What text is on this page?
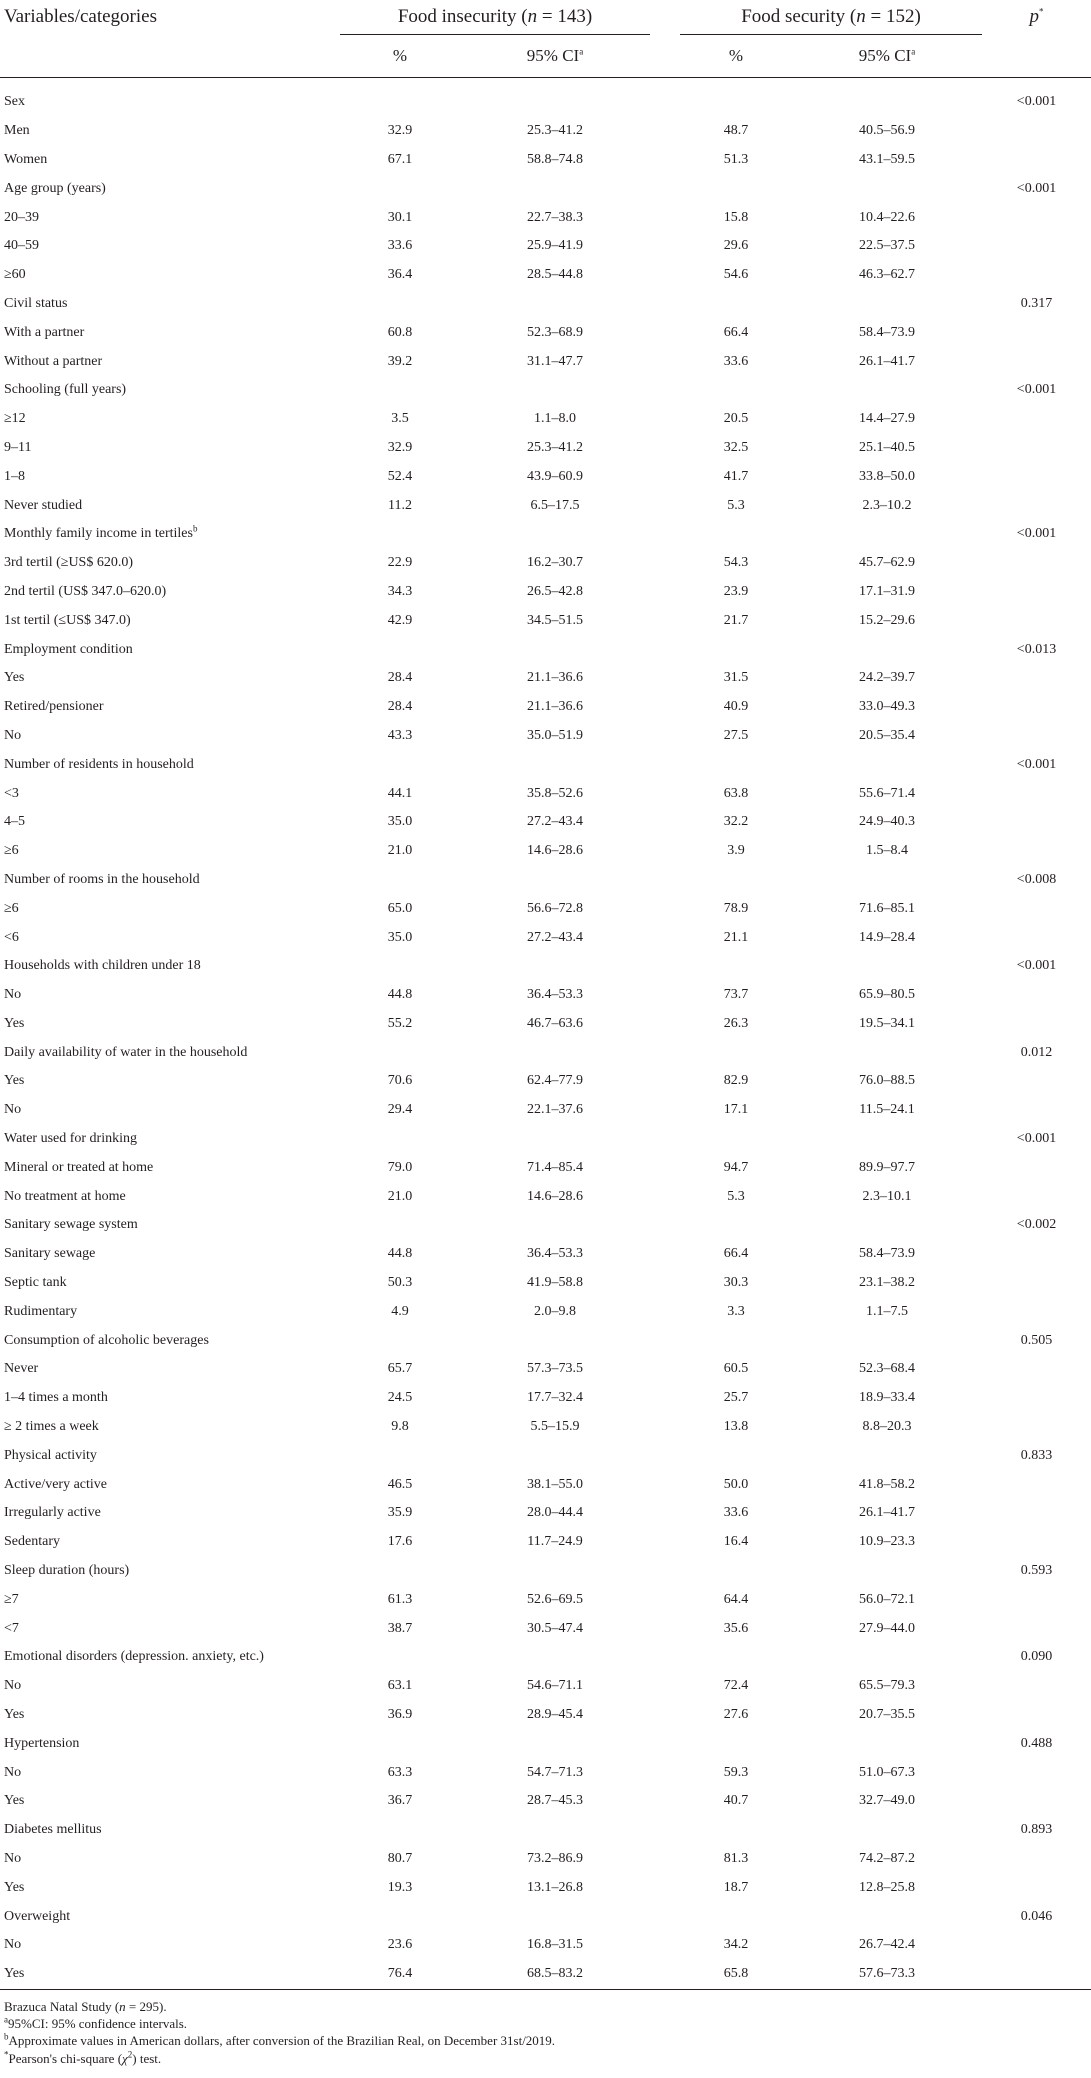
Variables/categories	Food insecurity (n = 143)			Food security (n = 152)		p*
	%	95% $CI^a$		%	95% $CI^a$	

Sex						<0.001
Men	32.9	25.3–41.2		48.7	40.5–56.9	
Women	67.1	58.8–74.8		51.3	43.1–59.5	
Age group (years)						<0.001
20–39	30.1	22.7–38.3		15.8	10.4–22.6	
40–59	33.6	25.9–41.9		29.6	22.5–37.5	
≥60	36.4	28.5–44.8		54.6	46.3–62.7	
Civil status						0.317
With a partner	60.8	52.3–68.9		66.4	58.4–73.9	
Without a partner	39.2	31.1–47.7		33.6	26.1–41.7	
Schooling (full years)						<0.001
≥12	3.5	1.1–8.0		20.5	14.4–27.9	
9–11	32.9	25.3–41.2		32.5	25.1–40.5	
1–8	52.4	43.9–60.9		41.7	33.8–50.0	
Never studied	11.2	6.5–17.5		5.3	2.3–10.2	
Monthly family income in tertiles$^b$						<0.001
3rd tertil (≥US$ 620.0)	22.9	16.2–30.7		54.3	45.7–62.9	
2nd tertil (US$ 347.0–620.0)	34.3	26.5–42.8		23.9	17.1–31.9	
1st tertil (≤US$ 347.0)	42.9	34.5–51.5		21.7	15.2–29.6	
Employment condition						<0.013
Yes	28.4	21.1–36.6		31.5	24.2–39.7	
Retired/pensioner	28.4	21.1–36.6		40.9	33.0–49.3	
No	43.3	35.0–51.9		27.5	20.5–35.4	
Number of residents in household						<0.001
<3	44.1	35.8–52.6		63.8	55.6–71.4	
4–5	35.0	27.2–43.4		32.2	24.9–40.3	
≥6	21.0	14.6–28.6		3.9	1.5–8.4	
Number of rooms in the household						<0.008
≥6	65.0	56.6–72.8		78.9	71.6–85.1	
<6	35.0	27.2–43.4		21.1	14.9–28.4	
Households with children under 18						<0.001
No	44.8	36.4–53.3		73.7	65.9–80.5	
Yes	55.2	46.7–63.6		26.3	19.5–34.1	
Daily availability of water in the household						0.012
Yes	70.6	62.4–77.9		82.9	76.0–88.5	
No	29.4	22.1–37.6		17.1	11.5–24.1	
Water used for drinking						<0.001
Mineral or treated at home	79.0	71.4–85.4		94.7	89.9–97.7	
No treatment at home	21.0	14.6–28.6		5.3	2.3–10.1	
Sanitary sewage system						<0.002
Sanitary sewage	44.8	36.4–53.3		66.4	58.4–73.9	
Septic tank	50.3	41.9–58.8		30.3	23.1–38.2	
Rudimentary	4.9	2.0–9.8		3.3	1.1–7.5	
Consumption of alcoholic beverages						0.505
Never	65.7	57.3–73.5		60.5	52.3–68.4	
1–4 times a month	24.5	17.7–32.4		25.7	18.9–33.4	
≥ 2 times a week	9.8	5.5–15.9		13.8	8.8–20.3	
Physical activity						0.833
Active/very active	46.5	38.1–55.0		50.0	41.8–58.2	
Irregularly active	35.9	28.0–44.4		33.6	26.1–41.7	
Sedentary	17.6	11.7–24.9		16.4	10.9–23.3	
Sleep duration (hours)						0.593
≥7	61.3	52.6–69.5		64.4	56.0–72.1	
<7	38.7	30.5–47.4		35.6	27.9–44.0	
Emotional disorders (depression. anxiety, etc.)						0.090
No	63.1	54.6–71.1		72.4	65.5–79.3	
Yes	36.9	28.9–45.4		27.6	20.7–35.5	
Hypertension						0.488
No	63.3	54.7–71.3		59.3	51.0–67.3	
Yes	36.7	28.7–45.3		40.7	32.7–49.0	
Diabetes mellitus						0.893
No	80.7	73.2–86.9		81.3	74.2–87.2	
Yes	19.3	13.1–26.8		18.7	12.8–25.8	
Overweight						0.046
No	23.6	16.8–31.5		34.2	26.7–42.4	
Yes	76.4	68.5–83.2		65.8	57.6–73.3	
Brazuca Natal Study (n = 295).
$^a$95%CI: 95% confidence intervals.
$^b$Approximate values in American dollars, after conversion of the Brazilian Real, on December 31st/2019.
*Pearson's chi-square $(\chi^2)$ test.
